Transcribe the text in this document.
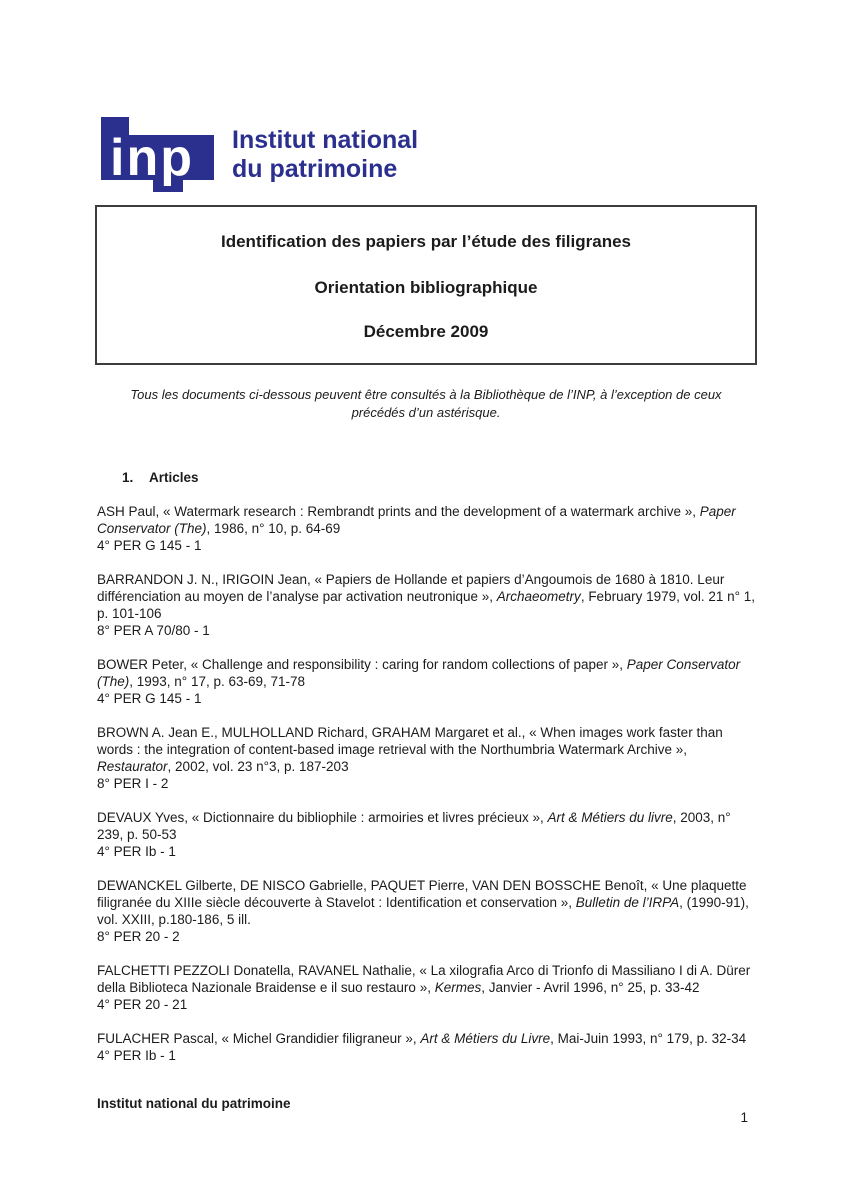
inp Institut national
du patrimoine
Identification des papiers par l’étude des filigranes
Orientation bibliographique
Décembre 2009
Tous les documents ci-dessous peuvent être consultés à la Bibliothèque de l’INP, à l’exception de ceux précédés d’un astérisque.
1.	Articles

ASH Paul, « Watermark research : Rembrandt prints and the development of a watermark archive », Paper Conservator (The), 1986, n° 10, p. 64-69

4° PER G 145 - 1

BARRANDON J. N., IRIGOIN Jean, « Papiers de Hollande et papiers d’Angoumois de 1680 à 1810. Leur différenciation au moyen de l’analyse par activation neutronique », Archaeometry, February 1979, vol. 21 n° 1, p. 101-106

8° PER A 70/80 - 1

BOWER Peter, « Challenge and responsibility : caring for random collections of paper », Paper Conservator (The), 1993, n° 17, p. 63-69, 71-78

4° PER G 145 - 1

BROWN A. Jean E., MULHOLLAND Richard, GRAHAM Margaret et al., « When images work faster than words : the integration of content-based image retrieval with the Northumbria Watermark Archive », Restaurator, 2002, vol. 23 n°3, p. 187-203

8° PER I - 2

DEVAUX Yves, « Dictionnaire du bibliophile : armoiries et livres précieux », Art & Métiers du livre, 2003, n° 239, p. 50-53

4° PER Ib - 1

DEWANCKEL Gilberte, DE NISCO Gabrielle, PAQUET Pierre, VAN DEN BOSSCHE Benoît, « Une plaquette filigranée du XIIIe siècle découverte à Stavelot : Identification et conservation », Bulletin de l’IRPA, (1990-91), vol. XXIII, p.180-186, 5 ill.

8° PER 20 - 2

FALCHETTI PEZZOLI Donatella, RAVANEL Nathalie, « La xilografia Arco di Trionfo di Massiliano I di A. Dürer della Biblioteca Nazionale Braidense e il suo restauro », Kermes, Janvier - Avril 1996, n° 25, p. 33-42

4° PER 20 - 21

FULACHER Pascal, « Michel Grandidier filigraneur », Art & Métiers du Livre, Mai-Juin 1993, n° 179, p. 32-34

4° PER Ib - 1
Institut national du patrimoine
1
